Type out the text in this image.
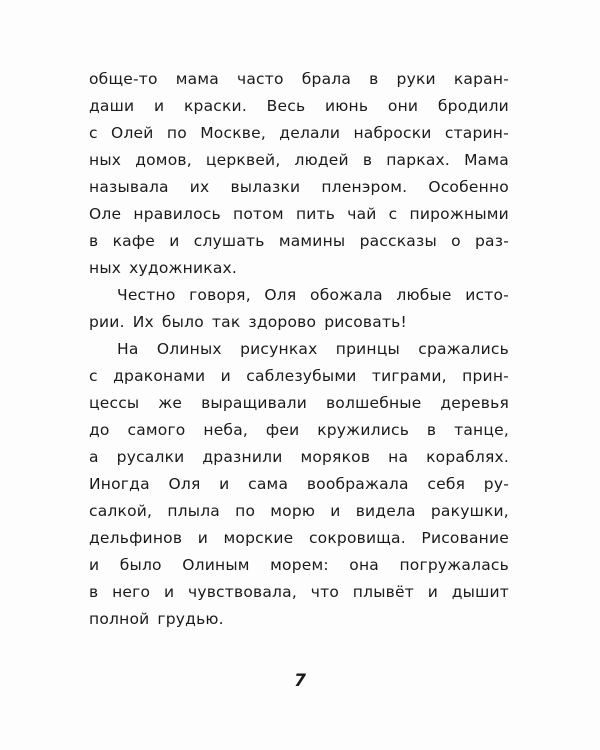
обще-то мама часто брала в руки каран-
даши и краски. Весь июнь они бродили
с Олей по Москве, делали наброски старин-
ных домов, церквей, людей в парках. Мама
называла их вылазки пленэром. Особенно
Оле нравилось потом пить чай с пирожными
в кафе и слушать мамины рассказы о раз-
ных художниках.
Честно говоря, Оля обожала любые исто-
рии. Их было так здорово рисовать!
На Олиных рисунках принцы сражались
с драконами и саблезубыми тиграми, прин-
цессы же выращивали волшебные деревья
до самого неба, феи кружились в танце,
а русалки дразнили моряков на кораблях.
Иногда Оля и сама воображала себя ру-
салкой, плыла по морю и видела ракушки,
дельфинов и морские сокровища. Рисование
и было Олиным морем: она погружалась
в него и чувствовала, что плывёт и дышит
полной грудью.
7
